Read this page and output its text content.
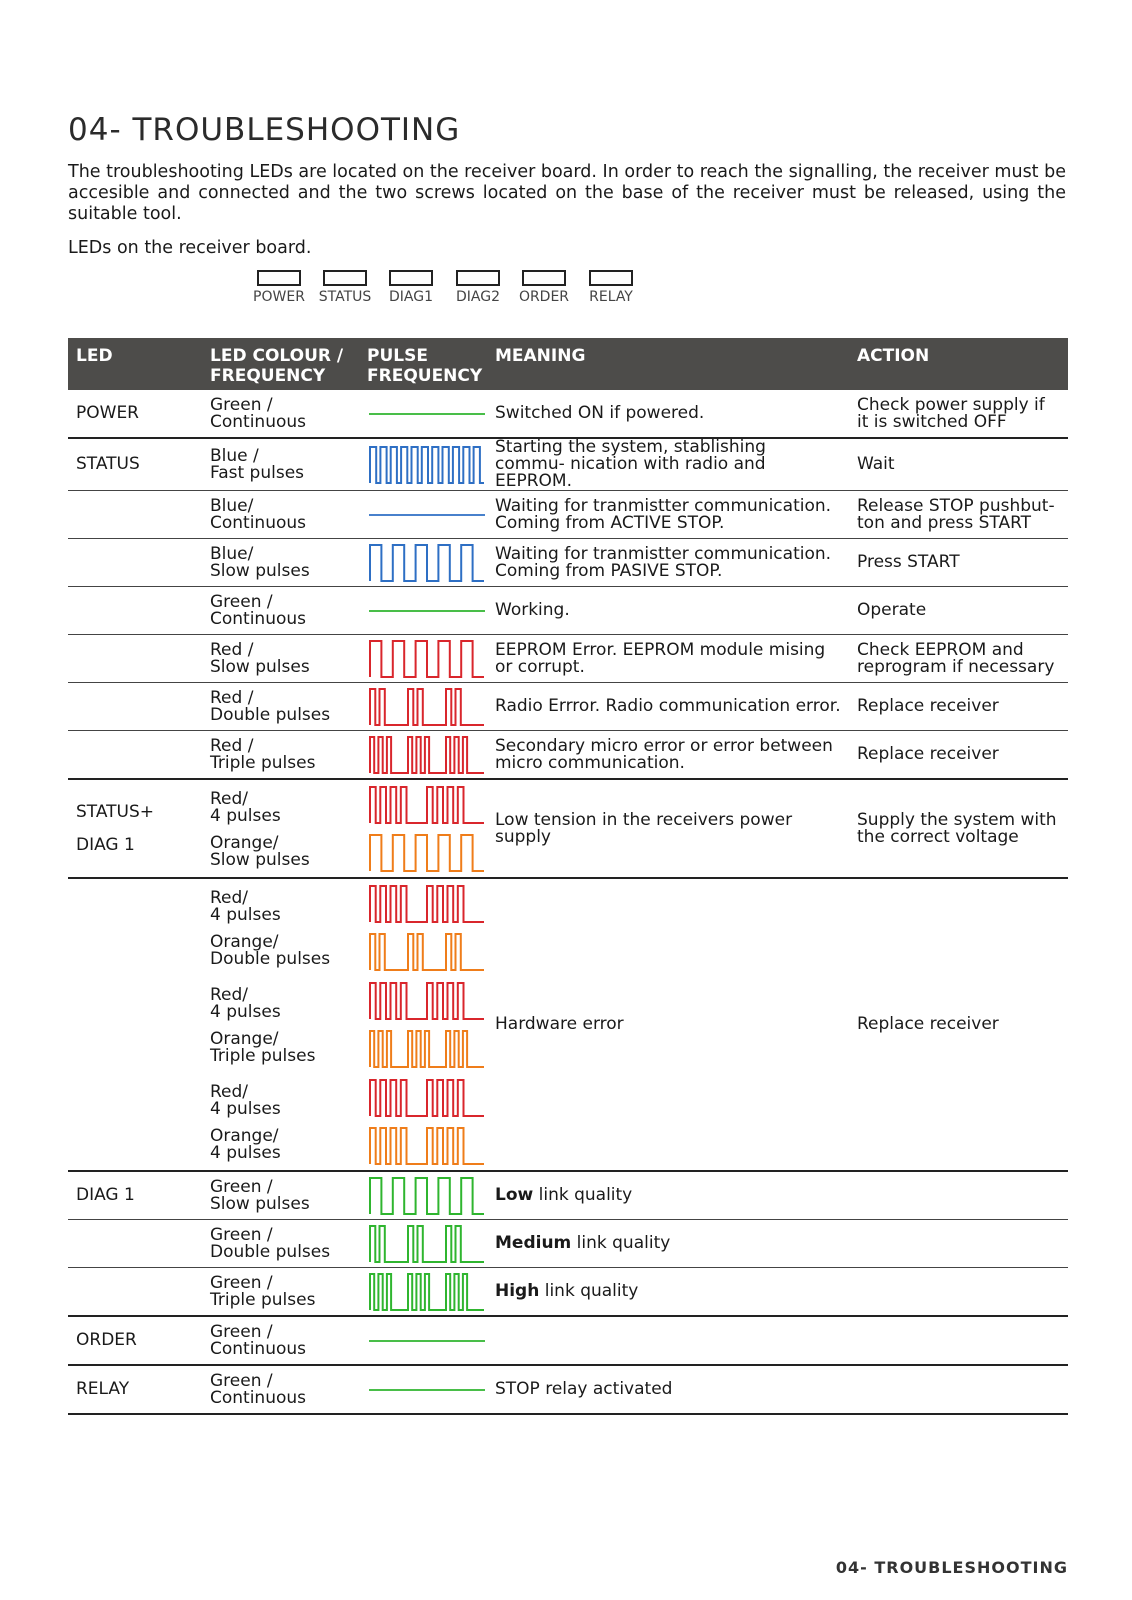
04- TROUBLESHOOTING

The troubleshooting LEDs are located on the receiver board. In order to reach the signalling, the receiver must be accesible and connected and the two screws located on the base of the receiver must be released, using the suitable tool.

LEDs on the receiver board.

POWER STATUS	DIAG1	DIAG2	ORDER	RELAY
LED	LED COLOUR /
FREQUENCY	PULSE
FREQUENCY	MEANING	ACTION
POWER	Green /
Continuous		Switched ON if powered.	Check power supply if it is switched OFF
STATUS	Blue /
Fast pulses		Starting the system, stablishing commu- nication with radio and EEPROM.	Wait

	Blue/
Continuous		Waiting for tranmistter communication. Coming from ACTIVE STOP.	Release STOP pushbut- ton and press START

	Blue/
Slow pulses		Waiting for tranmistter communication. Coming from PASIVE STOP.	Press START

	Green /
Continuous		Working.	Operate

	Red /
Slow pulses		EEPROM Error. EEPROM module mising or corrupt.	Check EEPROM and reprogram if necessary

	Red /
Double pulses		Radio Errror. Radio communication error.	Replace receiver

	Red /
Triple pulses		Secondary micro error or error between micro communication.	Replace receiver

STATUS+
DIAG 1	Red/
4 pulses
Orange/
Slow pulses		Low tension in the receivers power supply	Supply the system with the correct voltage

	Red/
4 pulses
Orange/
Double pulses		Hardware error	Replace receiver

	Red/
4 pulses
Orange/
Triple pulses

	Red/
4 pulses
Orange/
4 pulses

DIAG 1	Green /
Slow pulses		Low link quality	

	Green /
Double pulses		Medium link quality	

	Green /
Triple pulses		High link quality	
ORDER	Green /
Continuous

RELAY	Green /
Continuous		STOP relay activated	
04- TROUBLESHOOTING
